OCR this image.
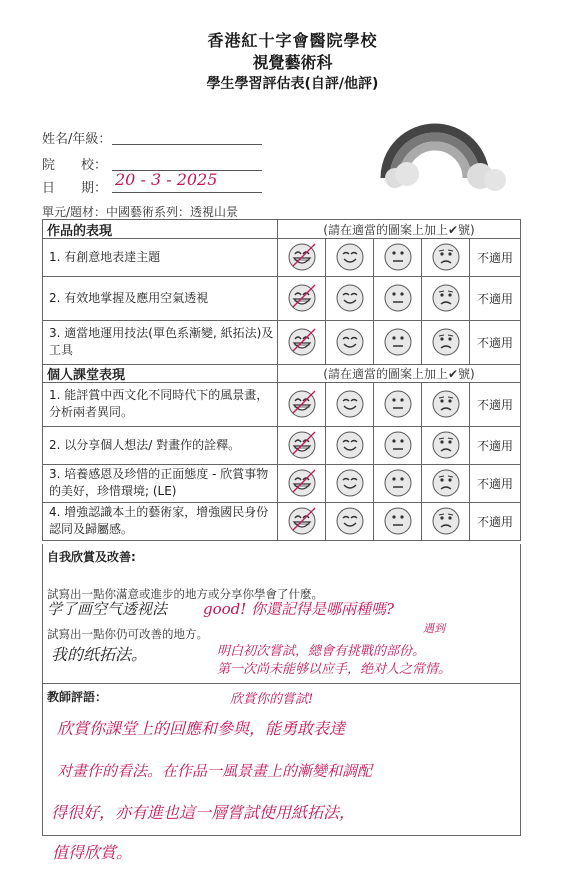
香港紅十字會醫院學校
視覺藝術科
學生學習評估表(自評/他評)
姓名/年級：
院　　校：
日　　期： 20 - 3 - 2025
單元/題材：中國藝術系列：透視山景
作品的表現	(請在適當的圖案上加上✔號)
1. 有創意地表達主題	不適用
2. 有效地掌握及應用空氣透視	不適用
3. 適當地運用技法(單色系漸變, 紙拓法)及工具
不適用
個人課堂表現	(請在適當的圖案上加上✔號)
1. 能評賞中西文化不同時代下的風景畫，分析兩者異同。
不適用
2. 以分享個人想法/ 對畫作的詮釋。	不適用
3. 培養感恩及珍惜的正面態度 - 欣賞事物的美好，珍惜環境; (LE)
不適用
4. 增強認識本土的藝術家，增強國民身份認同及歸屬感。
不適用
自我欣賞及改善:
試寫出一點你滿意或進步的地方或分享你學會了什麼。
学了画空气透视法 good! 你還記得是哪兩種嗎?
試寫出一點你仍可改善的地方。
我的纸拓法。
遇到
明白初次嘗試，總會有挑戰的部份。
第一次尚未能够以应手，绝对人之常情。
欣賞你的嘗試!
教師評語：
欣賞你課堂上的回應和參與，能勇敢表達
对畫作的看法。在作品一風景畫上的漸變和調配
得很好，亦有進也這一層嘗試使用紙拓法，
值得欣賞。
